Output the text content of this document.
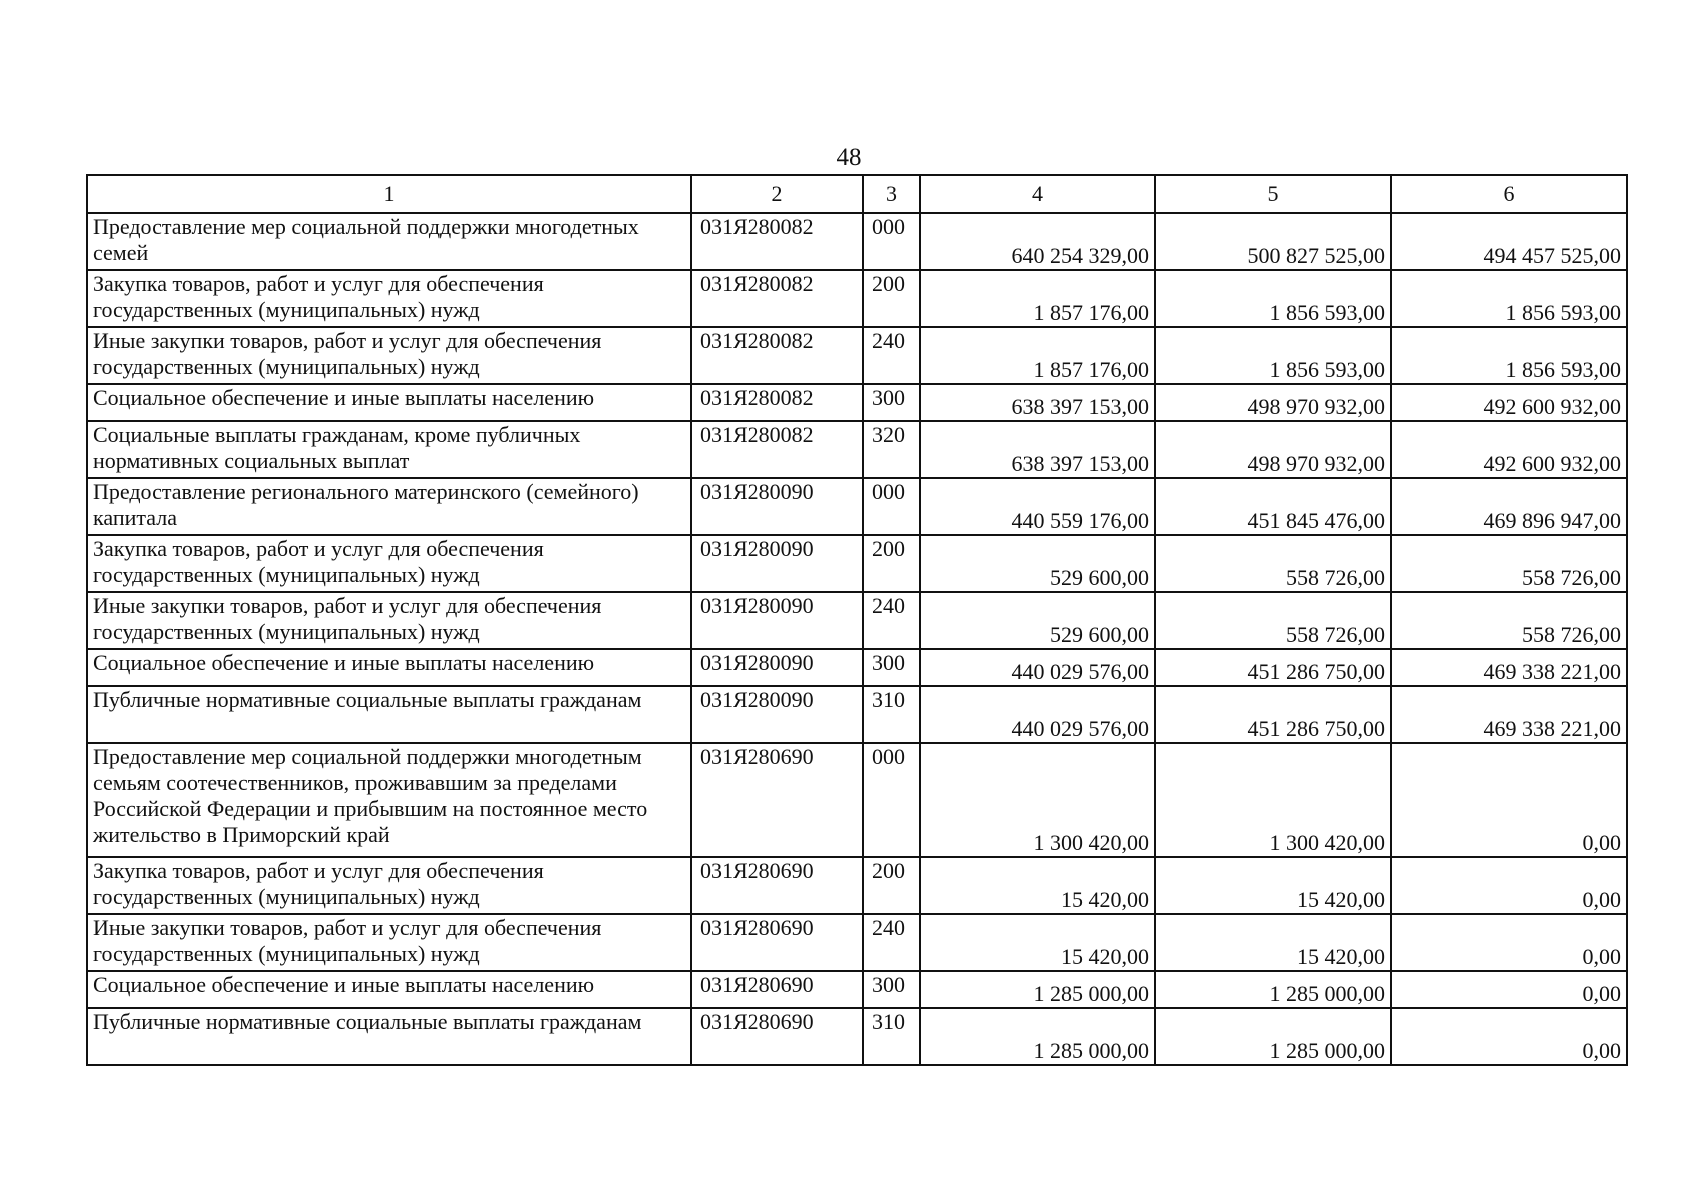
48
1	2	3	4	5	6
Предоставление мер социальной поддержки многодетных семей	031Я280082	000	640 254 329,00	500 827 525,00	494 457 525,00
Закупка товаров, работ и услуг для обеспечения государственных (муниципальных) нужд	031Я280082	200	1 857 176,00	1 856 593,00	1 856 593,00
Иные закупки товаров, работ и услуг для обеспечения государственных (муниципальных) нужд	031Я280082	240	1 857 176,00	1 856 593,00	1 856 593,00
Социальное обеспечение и иные выплаты населению	031Я280082	300	638 397 153,00	498 970 932,00	492 600 932,00
Социальные выплаты гражданам, кроме публичных нормативных социальных выплат	031Я280082	320	638 397 153,00	498 970 932,00	492 600 932,00
Предоставление регионального материнского (семейного) капитала	031Я280090	000	440 559 176,00	451 845 476,00	469 896 947,00
Закупка товаров, работ и услуг для обеспечения государственных (муниципальных) нужд	031Я280090	200	529 600,00	558 726,00	558 726,00
Иные закупки товаров, работ и услуг для обеспечения государственных (муниципальных) нужд	031Я280090	240	529 600,00	558 726,00	558 726,00
Социальное обеспечение и иные выплаты населению	031Я280090	300	440 029 576,00	451 286 750,00	469 338 221,00
Публичные нормативные социальные выплаты гражданам	031Я280090	310	440 029 576,00	451 286 750,00	469 338 221,00
Предоставление мер социальной поддержки многодетным семьям соотечественников, проживавшим за пределами Российской Федерации и прибывшим на постоянное место жительство в Приморский край	031Я280690	000	1 300 420,00	1 300 420,00	0,00
Закупка товаров, работ и услуг для обеспечения государственных (муниципальных) нужд	031Я280690	200	15 420,00	15 420,00	0,00
Иные закупки товаров, работ и услуг для обеспечения государственных (муниципальных) нужд	031Я280690	240	15 420,00	15 420,00	0,00
Социальное обеспечение и иные выплаты населению	031Я280690	300	1 285 000,00	1 285 000,00	0,00
Публичные нормативные социальные выплаты гражданам	031Я280690	310	1 285 000,00	1 285 000,00	0,00
